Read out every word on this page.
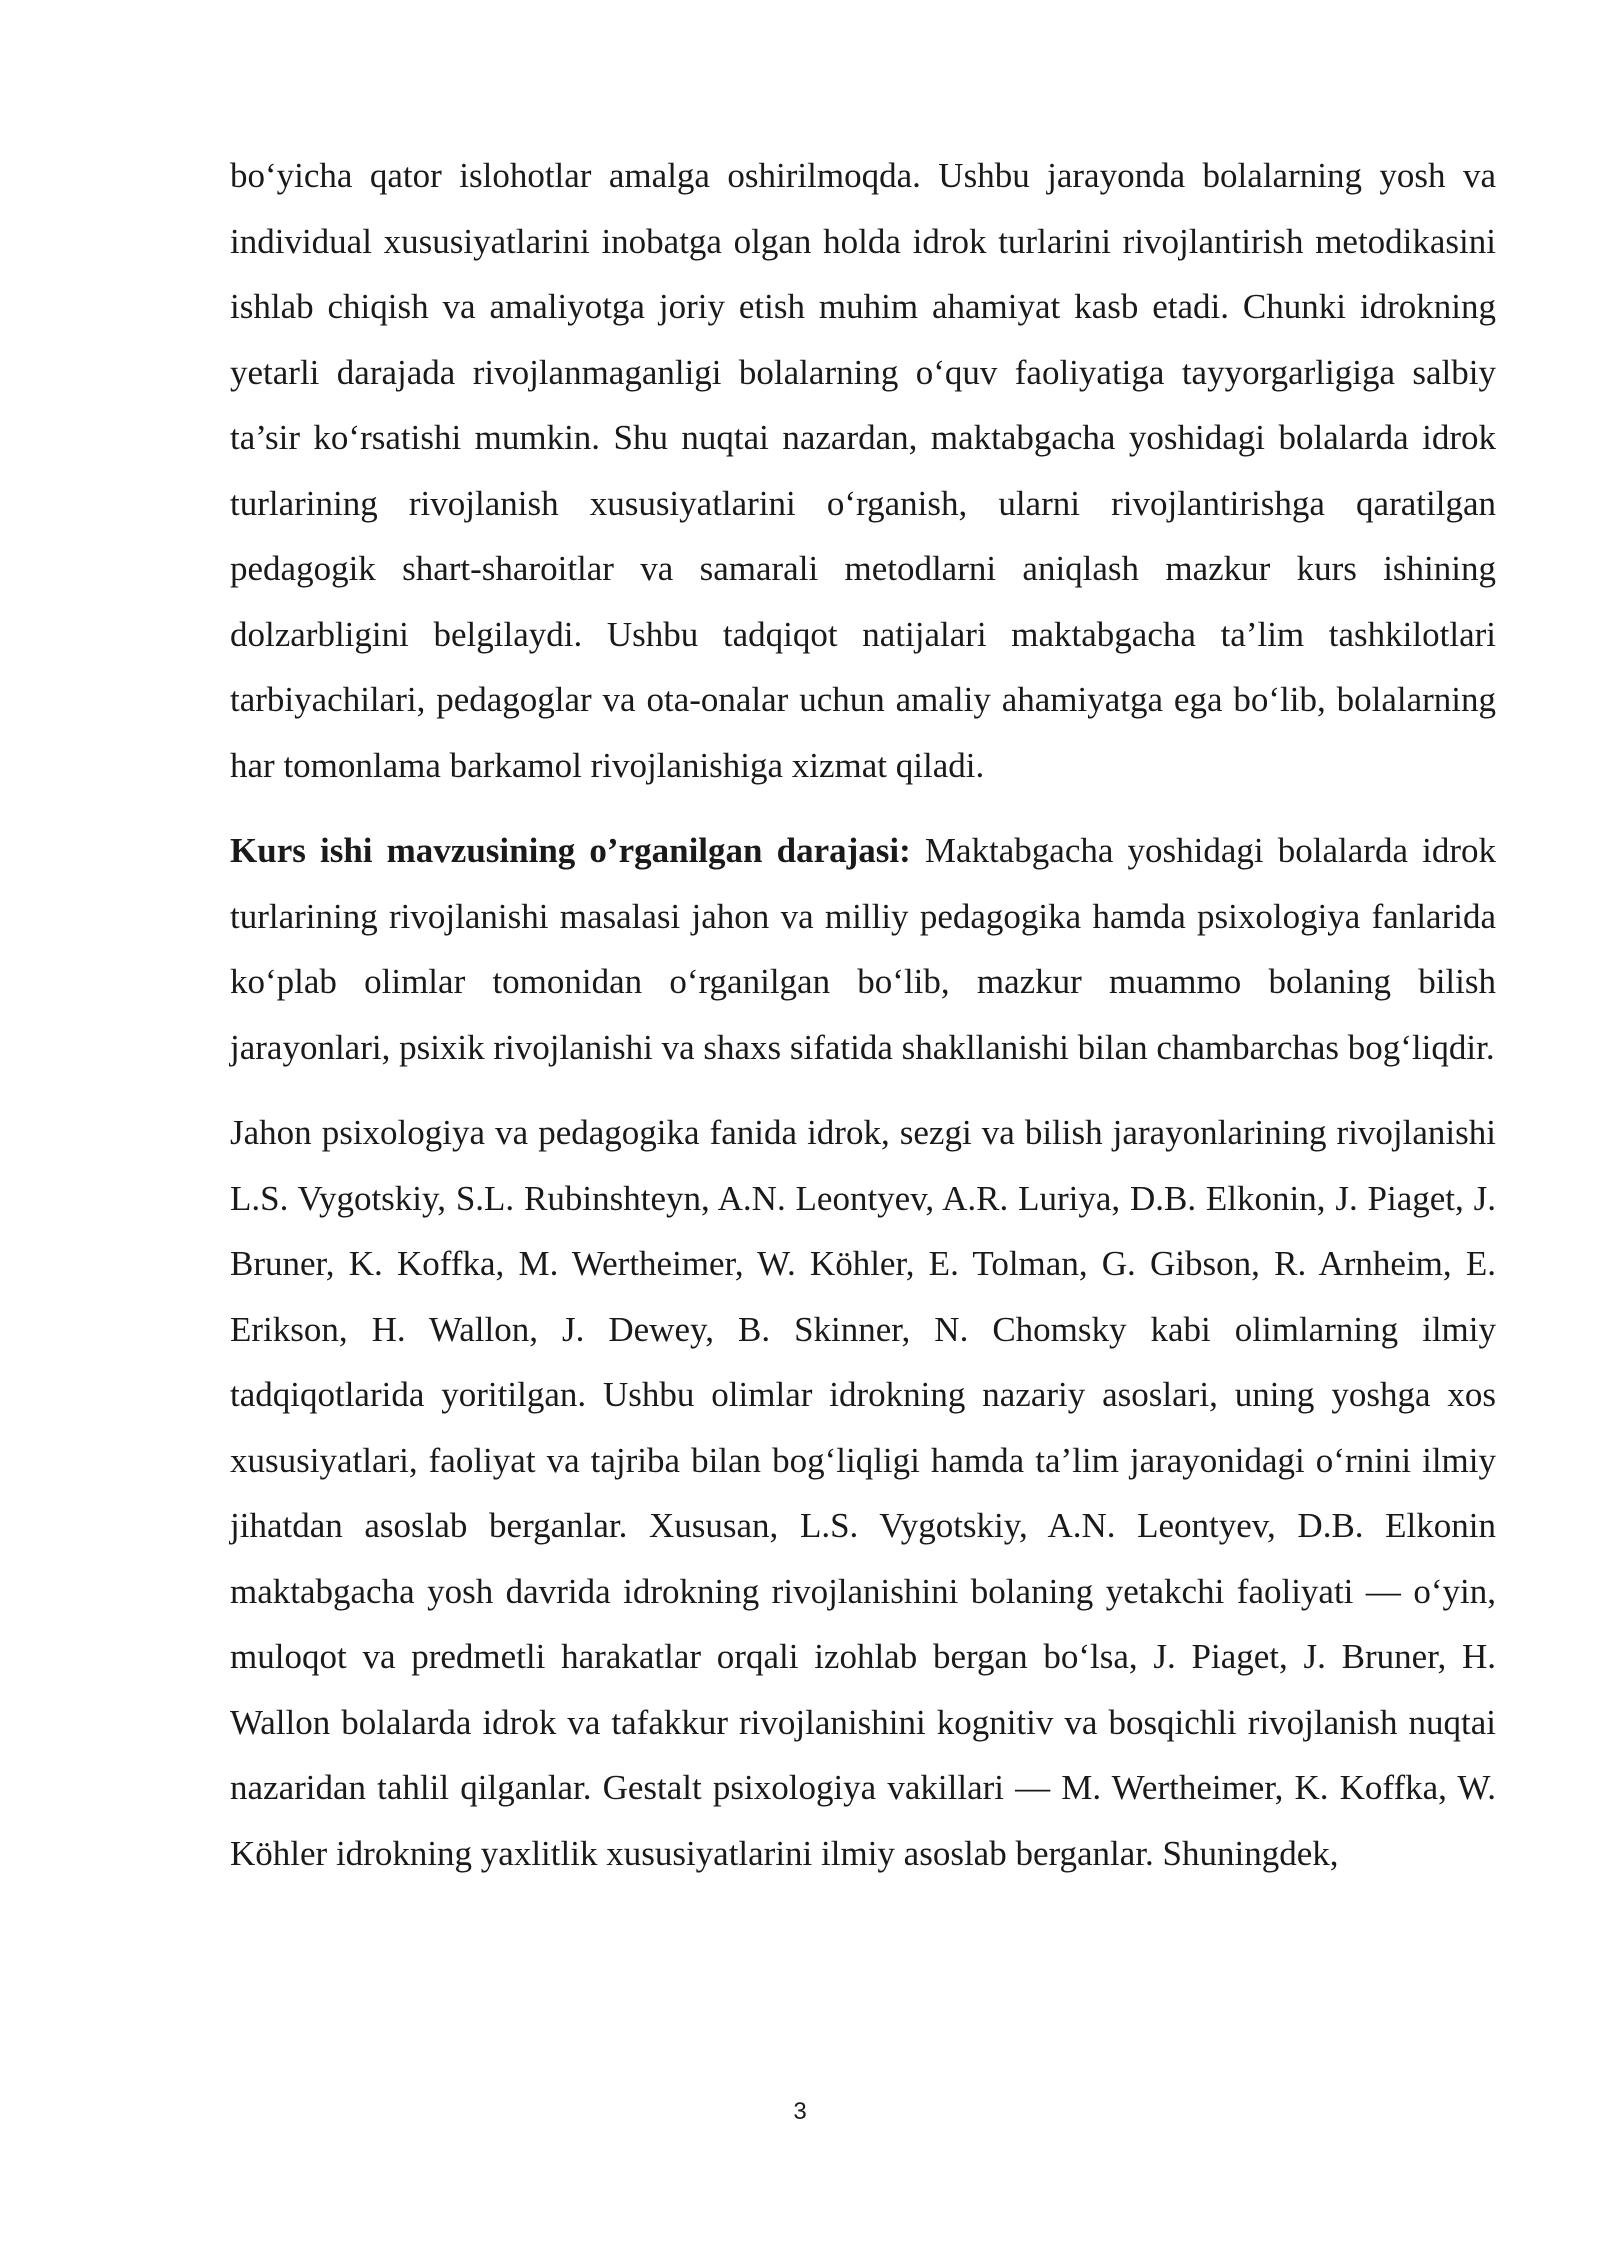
bo‘yicha qator islohotlar amalga oshirilmoqda. Ushbu jarayonda bolalarning yosh va individual xususiyatlarini inobatga olgan holda idrok turlarini rivojlantirish metodikasini ishlab chiqish va amaliyotga joriy etish muhim ahamiyat kasb etadi. Chunki idrokning yetarli darajada rivojlanmaganligi bolalarning o‘quv faoliyatiga tayyorgarligiga salbiy ta’sir ko‘rsatishi mumkin. Shu nuqtai nazardan, maktabgacha yoshidagi bolalarda idrok turlarining rivojlanish xususiyatlarini o‘rganish, ularni rivojlantirishga qaratilgan pedagogik shart-sharoitlar va samarali metodlarni aniqlash mazkur kurs ishining dolzarbligini belgilaydi. Ushbu tadqiqot natijalari maktabgacha ta’lim tashkilotlari tarbiyachilari, pedagoglar va ota-onalar uchun amaliy ahamiyatga ega bo‘lib, bolalarning har tomonlama barkamol rivojlanishiga xizmat qiladi.

Kurs ishi mavzusining o’rganilgan darajasi: Maktabgacha yoshidagi bolalarda idrok turlarining rivojlanishi masalasi jahon va milliy pedagogika hamda psixologiya fanlarida ko‘plab olimlar tomonidan o‘rganilgan bo‘lib, mazkur muammo bolaning bilish jarayonlari, psixik rivojlanishi va shaxs sifatida shakllanishi bilan chambarchas bog‘liqdir.

Jahon psixologiya va pedagogika fanida idrok, sezgi va bilish jarayonlarining rivojlanishi L.S. Vygotskiy, S.L. Rubinshteyn, A.N. Leontyev, A.R. Luriya, D.B. Elkonin, J. Piaget, J. Bruner, K. Koffka, M. Wertheimer, W. Köhler, E. Tolman, G. Gibson, R. Arnheim, E. Erikson, H. Wallon, J. Dewey, B. Skinner, N. Chomsky kabi olimlarning ilmiy tadqiqotlarida yoritilgan. Ushbu olimlar idrokning nazariy asoslari, uning yoshga xos xususiyatlari, faoliyat va tajriba bilan bog‘liqligi hamda ta’lim jarayonidagi o‘rnini ilmiy jihatdan asoslab berganlar. Xususan, L.S. Vygotskiy, A.N. Leontyev, D.B. Elkonin maktabgacha yosh davrida idrokning rivojlanishini bolaning yetakchi faoliyati — o‘yin, muloqot va predmetli harakatlar orqali izohlab bergan bo‘lsa, J. Piaget, J. Bruner, H. Wallon bolalarda idrok va tafakkur rivojlanishini kognitiv va bosqichli rivojlanish nuqtai nazaridan tahlil qilganlar. Gestalt psixologiya vakillari — M. Wertheimer, K. Koffka, W. Köhler idrokning yaxlitlik xususiyatlarini ilmiy asoslab berganlar. Shuningdek,

3
